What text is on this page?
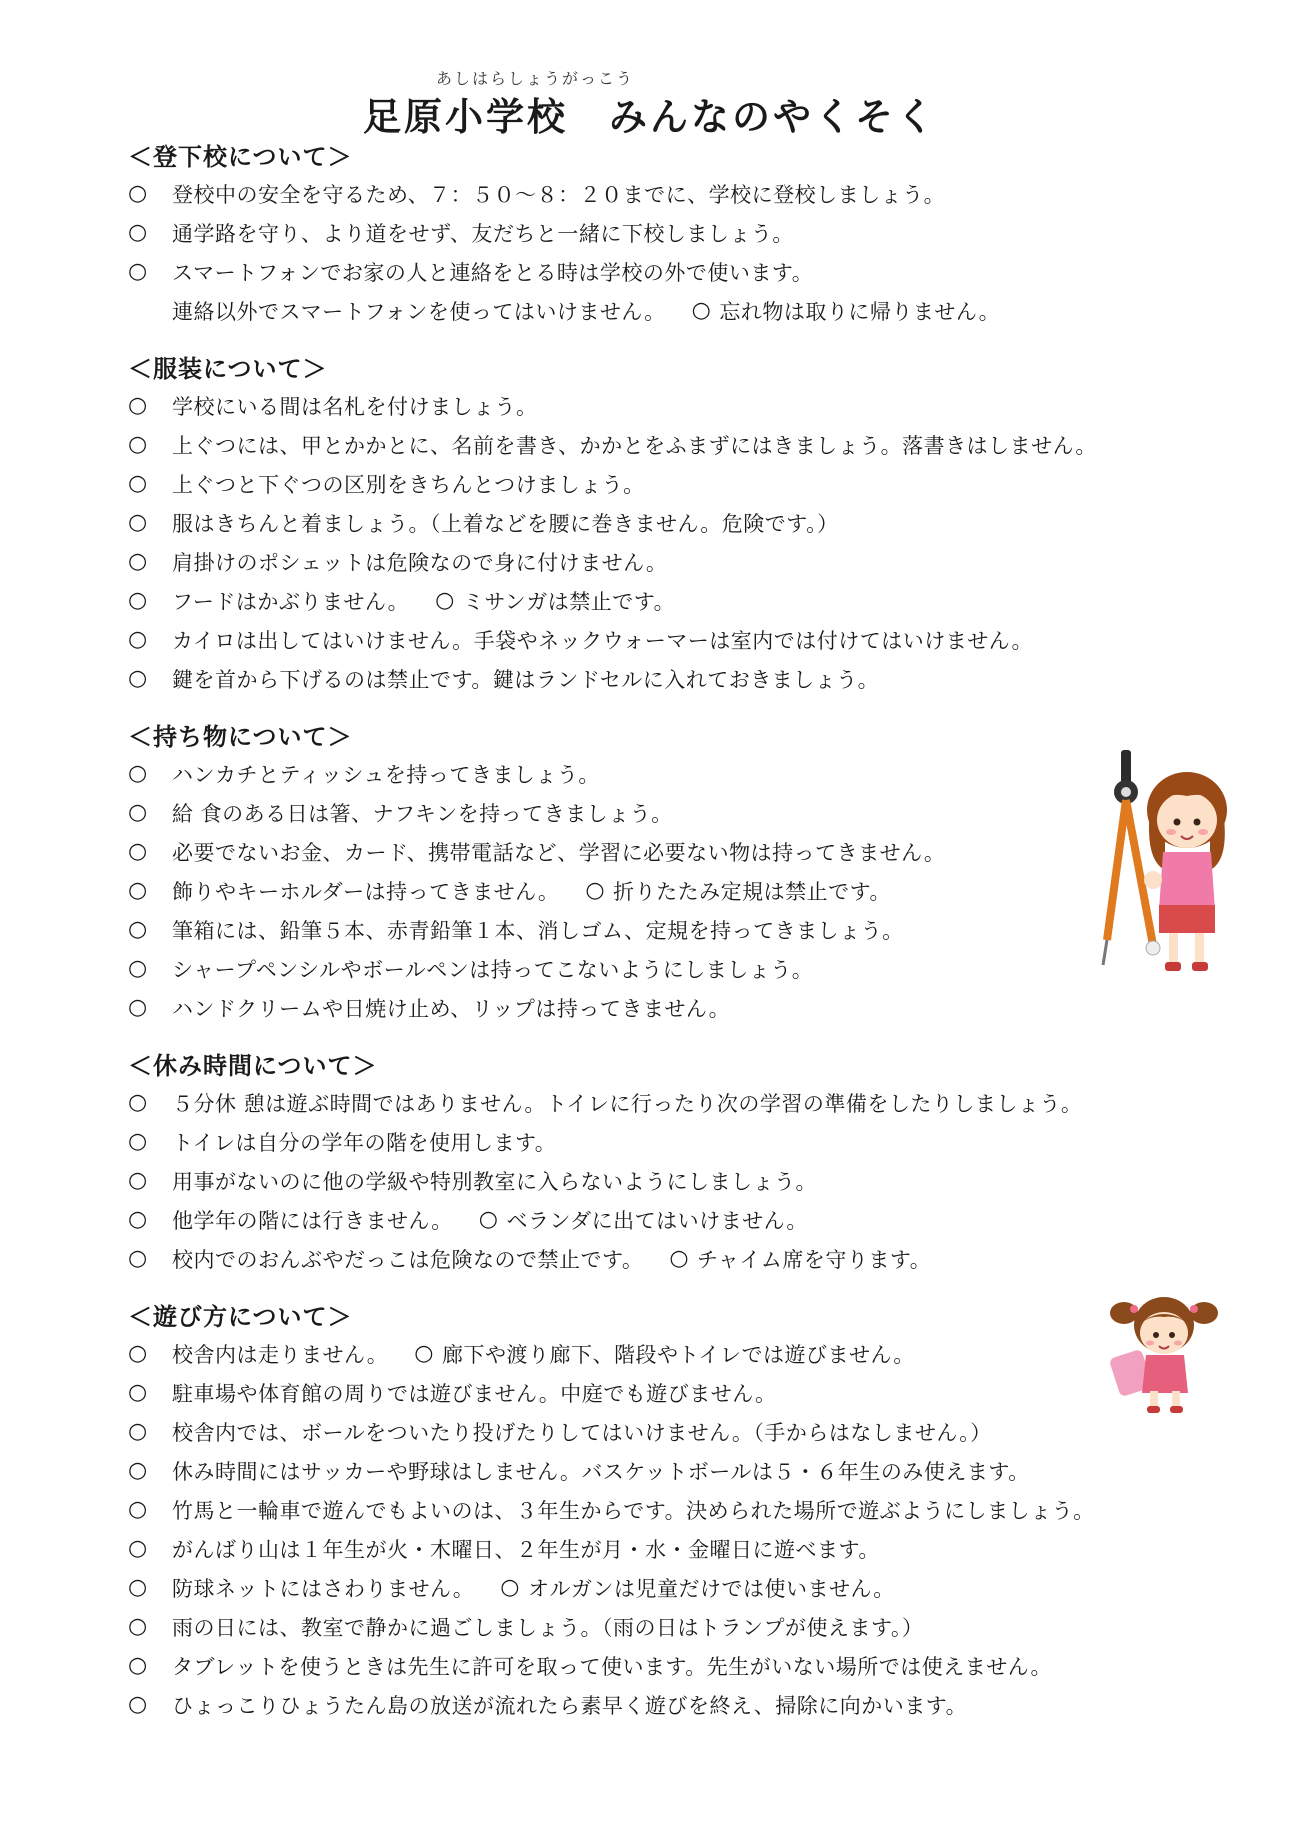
あしはらしょうがっこう
足原小学校　みんなのやくそく
＜登下校について＞
○	登校中の安全を守るため、７：５０～８：２０までに、学校に登校しましょう。
○	通学路を守り、より道をせず、友だちと一緒に下校しましょう。
○	スマートフォンでお家の人と連絡をとる時は学校の外で使います。
連絡以外でスマートフォンを使ってはいけません。 ○ 忘れ物は取りに帰りません。
＜服装について＞
○	学校にいる間は名札を付けましょう。
○	上ぐつには、甲とかかとに、名前を書き、かかとをふまずにはきましょう。落書きはしません。
○	上ぐつと下ぐつの区別をきちんとつけましょう。
○	服はきちんと着ましょう。（上着などを腰に巻きません。危険です。）
○	肩掛けのポシェットは危険なので身に付けません。
○	フードはかぶりません。 ○ ミサンガは禁止です。
○	カイロは出してはいけません。手袋やネックウォーマーは室内では付けてはいけません。
○	鍵を首から下げるのは禁止です。鍵はランドセルに入れておきましょう。
＜持ち物について＞
○	ハンカチとティッシュを持ってきましょう。
○	給 食のある日は箸、ナフキンを持ってきましょう。
○	必要でないお金、カード、携帯電話など、学習に必要ない物は持ってきません。
○	飾りやキーホルダーは持ってきません。 ○ 折りたたみ定規は禁止です。
○	筆箱には、鉛筆５本、赤青鉛筆１本、消しゴム、定規を持ってきましょう。
○	シャープペンシルやボールペンは持ってこないようにしましょう。
○	ハンドクリームや日焼け止め、リップは持ってきません。
＜休み時間について＞
○	５分休 憩は遊ぶ時間ではありません。トイレに行ったり次の学習の準備をしたりしましょう。
○	トイレは自分の学年の階を使用します。
○	用事がないのに他の学級や特別教室に入らないようにしましょう。
○	他学年の階には行きません。 ○ ベランダに出てはいけません。
○	校内でのおんぶやだっこは危険なので禁止です。 ○ チャイム席を守ります。
＜遊び方について＞
○	校舎内は走りません。 ○ 廊下や渡り廊下、階段やトイレでは遊びません。
○	駐車場や体育館の周りでは遊びません。中庭でも遊びません。
○	校舎内では、ボールをついたり投げたりしてはいけません。（手からはなしません。）
○	休み時間にはサッカーや野球はしません。バスケットボールは５・６年生のみ使えます。
○	竹馬と一輪車で遊んでもよいのは、３年生からです。決められた場所で遊ぶようにしましょう。
○	がんばり山は１年生が火・木曜日、２年生が月・水・金曜日に遊べます。
○	防球ネットにはさわりません。 ○ オルガンは児童だけでは使いません。
○	雨の日には、教室で静かに過ごしましょう。（雨の日はトランプが使えます。）
○	タブレットを使うときは先生に許可を取って使います。先生がいない場所では使えません。
○	ひょっこりひょうたん島の放送が流れたら素早く遊びを終え、掃除に向かいます。
